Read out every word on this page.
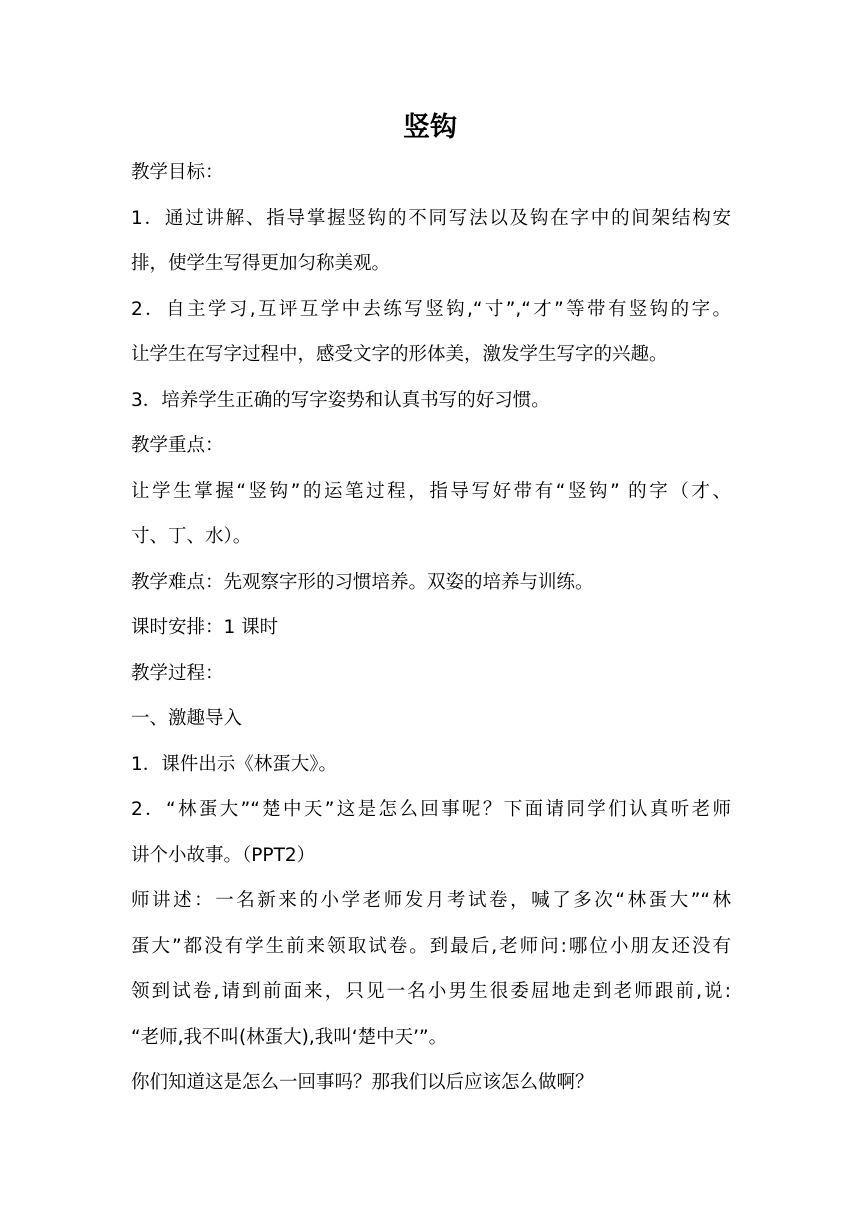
竖钩
教学目标：
1．通过讲解、指导掌握竖钩的不同写法以及钩在字中的间架结构安
排，使学生写得更加匀称美观。
2．自主学习,互评互学中去练写竖钩,“寸”,“才”等带有竖钩的字。
让学生在写字过程中，感受文字的形体美，激发学生写字的兴趣。
3．培养学生正确的写字姿势和认真书写的好习惯。
教学重点：
让学生掌握“竖钩”的运笔过程，指导写好带有“竖钩” 的字（才、
寸、丁、水）。
教学难点：先观察字形的习惯培养。双姿的培养与训练。
课时安排：1 课时
教学过程：
一、激趣导入
1．课件出示《林蛋大》。
2．“林蛋大”“楚中天”这是怎么回事呢？下面请同学们认真听老师
讲个小故事。（PPT2）
师讲述：一名新来的小学老师发月考试卷，喊了多次“林蛋大”“林
蛋大”都没有学生前来领取试卷。到最后,老师问:哪位小朋友还没有
领到试卷,请到前面来，只见一名小男生很委屈地走到老师跟前,说:
“老师,我不叫(林蛋大),我叫‘楚中天’”。
你们知道这是怎么一回事吗？那我们以后应该怎么做啊？
